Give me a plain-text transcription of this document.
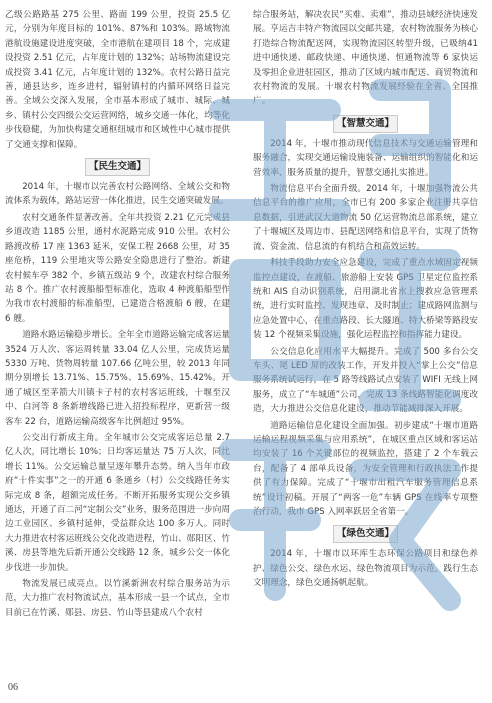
乙级公路路基 275 公里、路面 199 公里，投资 25.5 亿元，分别为年度目标的 101%、87%和 103%。路域物流港航设施建设进度突破，全市港航在建项目 18 个，完成建设投资 2.51 亿元，占年度计划的 132%；站场物流建设完成投资 3.41 亿元，占年度计划的 132%。农村公路日益完善，通县达乡，连乡进村，辐射镇村的内循环网络日益完善。全域公交深入发展，全市基本形成了城市、城际、城乡、镇村公交四级公交运营网络，城乡交通一体化，均等化步伐稳健，为加快构建交通枢纽城市和区域性中心城市提供了交通支撑和保障。

【民生交通】

2014 年，十堰市以完善农村公路网络、全域公交和物流体系为载体，路站运营一体化推进，民生交通突破发展。

农村交通条件显著改善。全年共投资 2.21 亿元完成县乡道改造 1185 公里，通村水泥路完成 910 公里。农村公路渡改桥 17 座 1363 延米，安保工程 2668 公里，对 35 座危桥，119 公里地灾等公路安全隐患进行了整治。新建农村候车亭 382 个、乡镇五级站 9 个，改建农村综合服务站 8 个。推广农村渡船船型标准化，选取 4 种渡船船型作为我市农村渡船的标准船型，已建造合格渡船 6 艘，在建 6 艘。

道路水路运输稳步增长。全年全市道路运输完成客运量 3524 万人次、客运周转量 33.04 亿人公里，完成货运量 5330 万吨、货物周转量 107.66 亿吨公里，较 2013 年同期分别增长 13.71%、15.75%、15.69%、15.42%。开通了城区至茅箭大川镇卡子村的农村客运班线，十堰至汉中、白河等 8 条新增线路已进入招投标程序，更新营一级客车 22 台，道路运输高级客车比例超过 95%。

公交出行新成主角。全年城市公交完成客运总量 2.7 亿人次，同比增长 10%；日均客运量达 75 万人次，同比增长 11%。公交运输总量呈逐年攀升态势。纳入当年市政府“十件实事”之一的开通 6 条通乡（村）公交线路任务实际完成 8 条，超额完成任务。不断开拓服务实现公交乡镇通达，开通了百二河“定制公交”业务，服务范围进一步向周边工业园区、乡镇村延伸，受益群众达 100 多万人。同时大力推进农村客运班线公交化改造进程，竹山、郧阳区、竹溪、房县等地先后新开通公交线路 12 条，城乡公交一体化步伐进一步加快。

物流发展已成亮点。以竹溪新洲农村综合服务站为示范，大力推广农村物流试点，基本形成一县一个试点，全市目前已在竹溪、郧县、房县、竹山等县建成八个农村

综合服务站，解决农民“买难、卖难”，推动县域经济快速发展。亨运吉丰特产物流园以交邮共建，农村物流服务为核心打造综合物流配送网，实现物流园区转型升级，已吸纳41进中通快递、邮政快递、申通快递、恒通物流等 6 家快运及零担企业进驻园区，推动了区域内城市配送、商贸物流和农村物流的发展。十堰农村物流发展经验在全省、全国推广。

【智慧交通】

2014 年，十堰市推动现代信息技术与交通运输管理和服务融合，实现交通运输设施装备、运输组织的智能化和运营效率、服务质量的提升，智慧交通扎实推进。

物流信息平台全面升级。2014 年，十堰加强物流公共信息平台的推广应用，全市已有 200 多家企业注册共享信息数据，引进武汉大道物流 50 亿运营物流总部系统，建立了十堰城区及周边市、县配送网络和信息平台，实现了货物流、资金流、信息流的有机结合和高效运转。

科技手段助力安全应急建设，完成了重点水域固定视频监控点建设，在渡船、旅游船上安装 GPS 卫星定位监控系统和 AIS 自动识别系统，启用湖北省水上搜救应急管理系统，进行实时监控、发现违章、及时制止；建成路网监测与应急处置中心，在重点路段、长大隧道、特大桥梁等路段安装 12 个视频采集设施，强化运程监控和指挥能力建设。

公交信息化应用水平大幅提升。完成了 500 多台公交车头、尾 LED 屏的改装工作，开发并投入“掌上公交”信息服务系统试运行，在 5 路等线路试点安装了 WIFI 无线上网服务，成立了“车城通”公司，完成 13 条线路智能化调度改造，大力推进公交信息化建设，推动节能减排深入开展。

道路运输信息化建设全面加强。初步建成“十堰市道路运输运程视频采集与应用系统”，在城区重点区域和客运站均安装了 16 个关键部位的视频监控，搭建了 2 个车载云台，配备了 4 部单兵设备，为安全管理和行政执法工作提供了有力保障。完成了“十堰市出租汽车服务管理信息系统”设计初稿。开展了“两客一危”车辆 GPS 在线率专项整治行动，我市 GPS 入网率跃居全省第一。

【绿色交通】

2014 年，十堰市以环库生态环保公路项目和绿色养护、绿色公交、绿色水运、绿色物流项目为示范，践行生态文明理念，绿色交通扬帆起航。

06
